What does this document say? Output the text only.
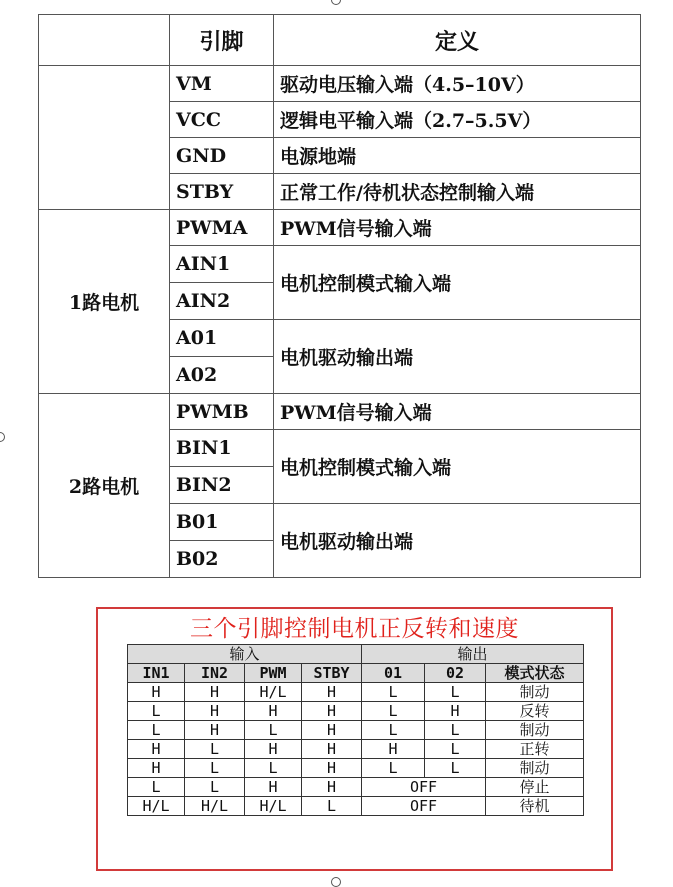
	引脚	定义
	VM	驱动电压输入端（4.5–10V）
	VCC	逻辑电平输入端（2.7–5.5V）
	GND	电源地端
	STBY	正常工作/待机状态控制输入端
1路电机	PWMA	PWM信号输入端
	AIN1	电机控制模式输入端
	AIN2	
	A01	电机驱动输出端
	A02	
2路电机	PWMB	PWM信号输入端
	BIN1	电机控制模式输入端
	BIN2	
	B01	电机驱动输出端
	B02	
三个引脚控制电机正反转和速度
输入				输出		
IN1	IN2	PWM	STBY	01	02	模式状态
H	H	H/L	H	L	L	制动
L	H	H	H	L	H	反转
L	H	L	H	L	L	制动
H	L	H	H	H	L	正转
H	L	L	H	L	L	制动
L	L	H	H	OFF		停止
H/L	H/L	H/L	L	OFF		待机
